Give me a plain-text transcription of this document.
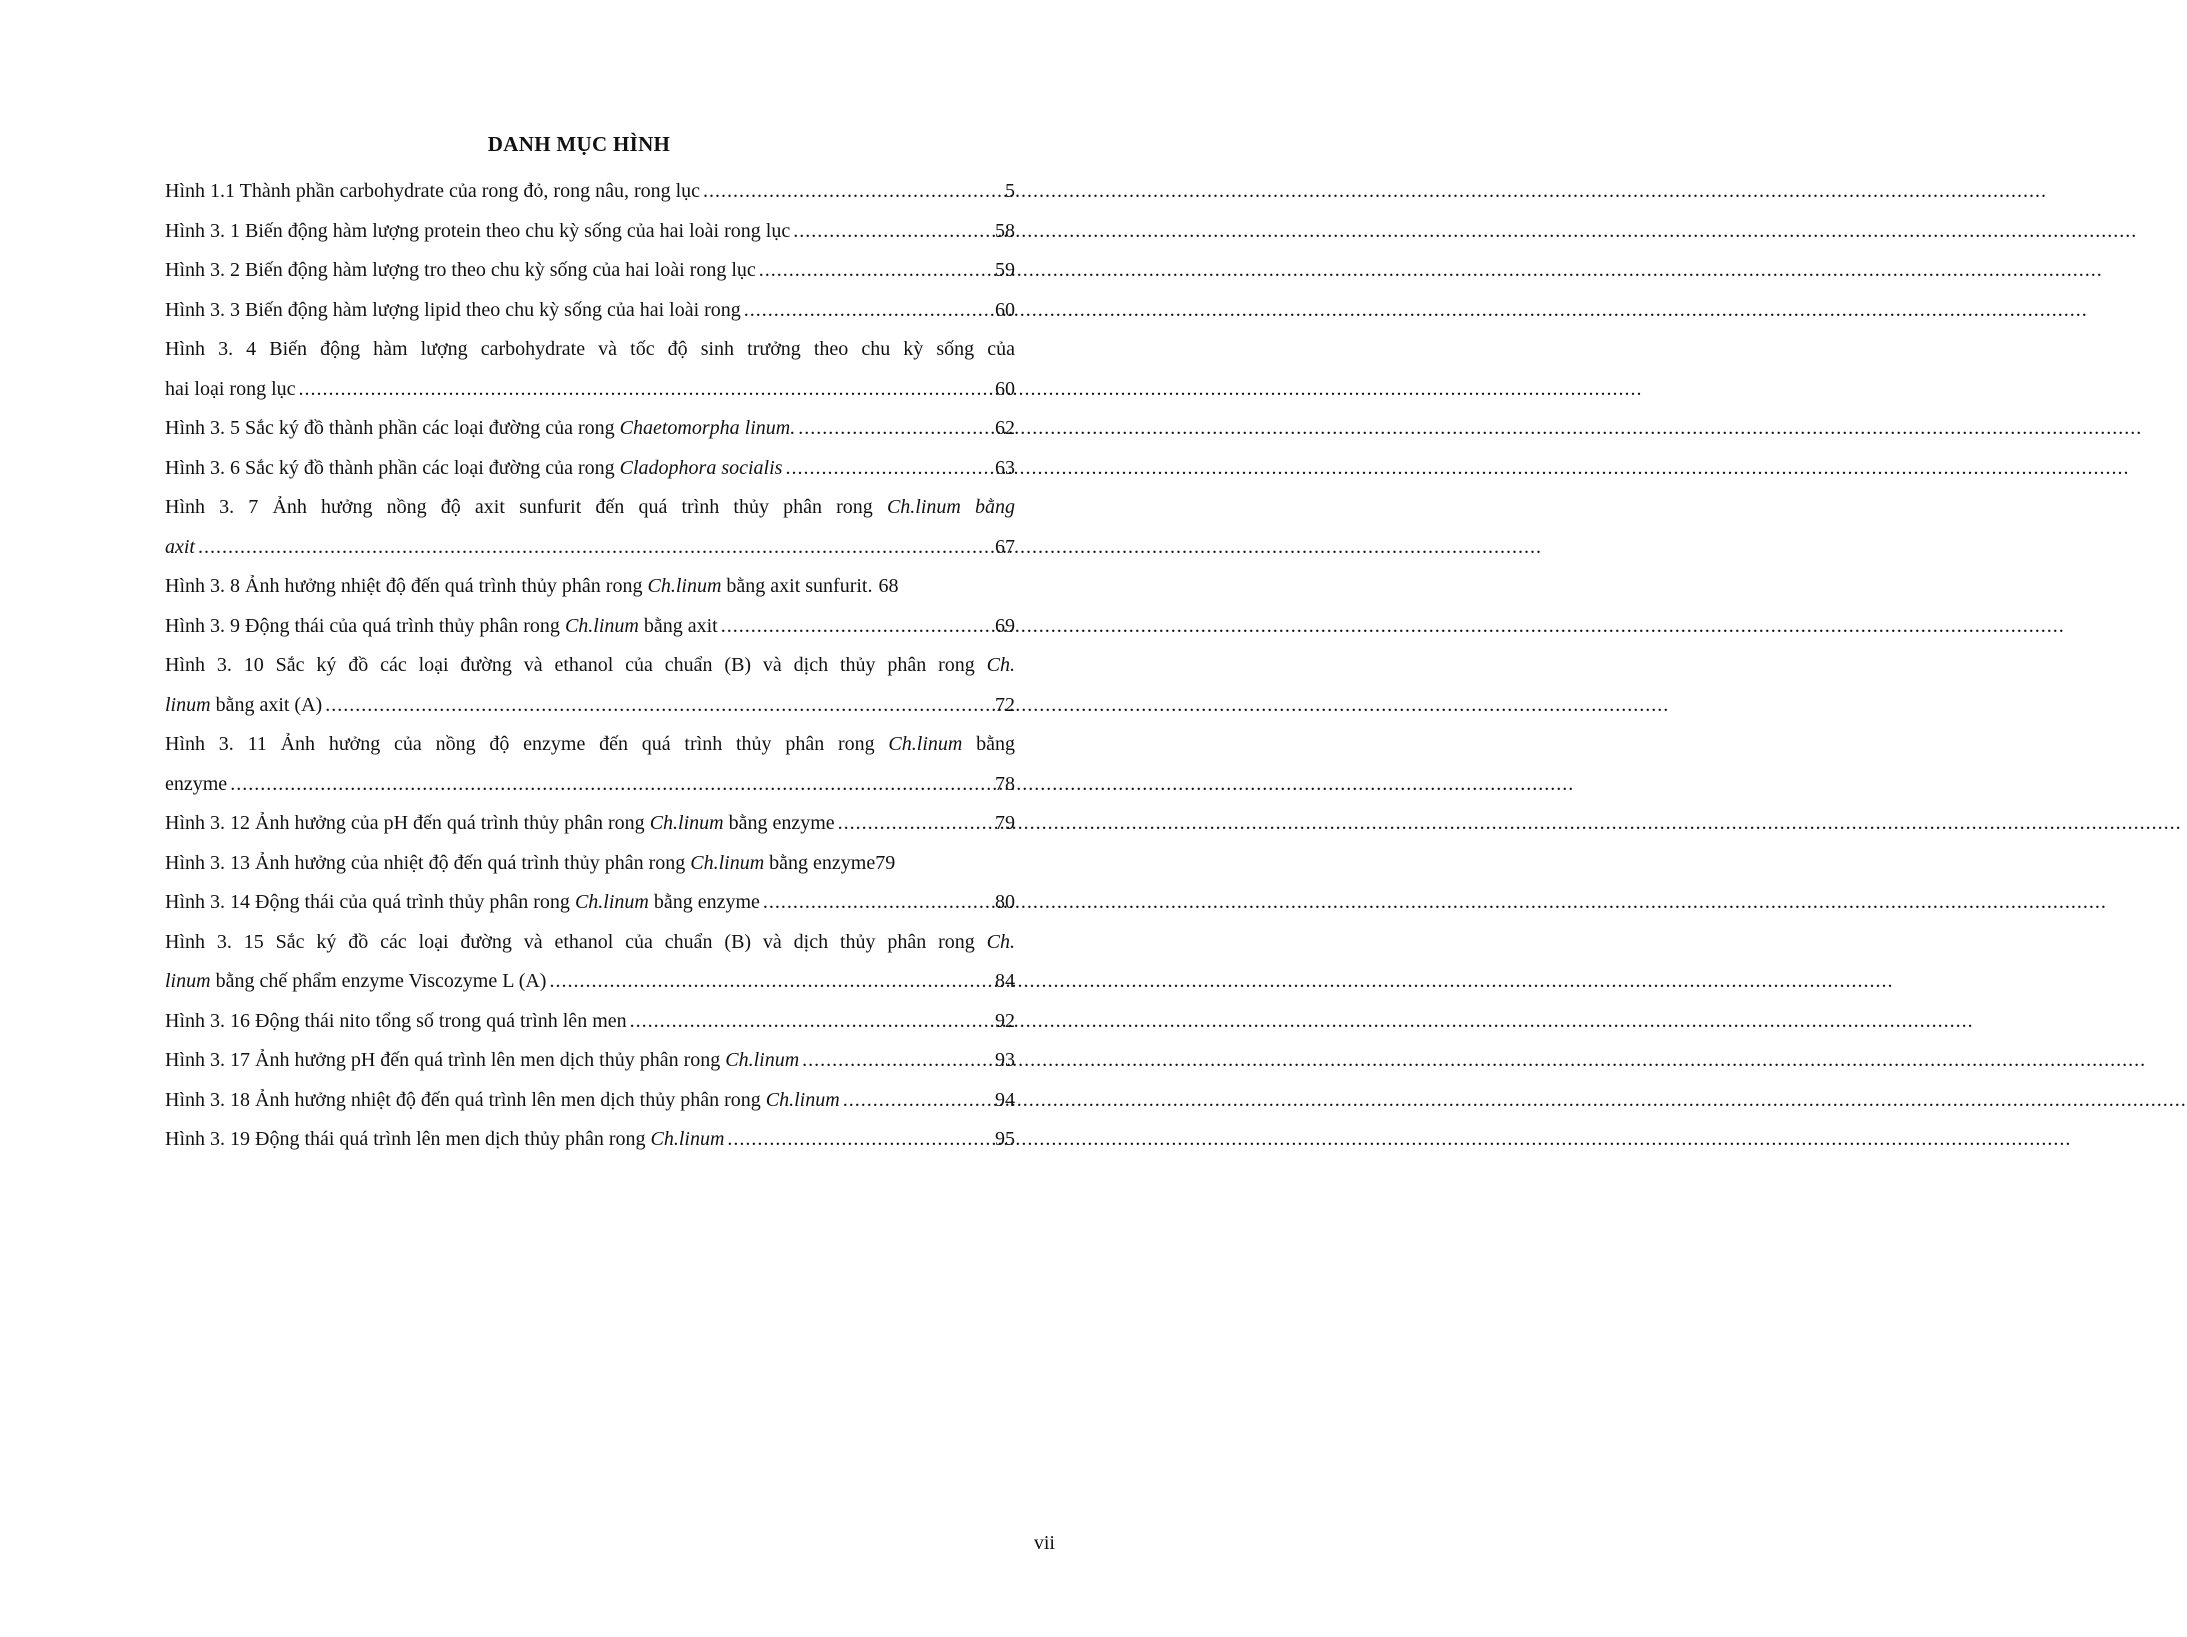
DANH MỤC HÌNH
Hình 1.1 Thành phần carbohydrate của rong đỏ, rong nâu, rong lục .....	5
Hình 3. 1 Biến động hàm lượng protein theo chu kỳ sống của hai loài rong lục .....	58
Hình 3. 2 Biến động hàm lượng tro theo chu kỳ sống của hai loài rong lục .....	59
Hình 3. 3 Biến động hàm lượng lipid theo chu kỳ sống của hai loài rong .....	60
Hình 3. 4 Biến động hàm lượng carbohydrate và tốc độ sinh trưởng theo chu kỳ sống của
hai loại rong lục .....	60
Hình 3. 5 Sắc ký đồ thành phần các loại đường của rong Chaetomorpha linum. .....	62
Hình 3. 6 Sắc ký đồ thành phần các loại đường của rong Cladophora socialis .....	63
Hình 3. 7 Ảnh hưởng nồng độ axit sunfurit đến quá trình thủy phân rong Ch.linum bằng
axit .....	67
Hình 3. 8 Ảnh hưởng nhiệt độ đến quá trình thủy phân rong Ch.linum bằng axit sunfurit. 68
Hình 3. 9 Động thái của quá trình thủy phân rong Ch.linum bằng axit .....	69
Hình 3. 10 Sắc ký đồ các loại đường và ethanol của chuẩn (B) và dịch thủy phân rong Ch.
linum bằng axit (A) .....	72
Hình 3. 11 Ảnh hưởng của nồng độ enzyme đến quá trình thủy phân rong Ch.linum bằng
enzyme .....	78
Hình 3. 12 Ảnh hưởng của pH đến quá trình thủy phân rong Ch.linum bằng enzyme .....	79
Hình 3. 13 Ảnh hưởng của nhiệt độ đến quá trình thủy phân rong Ch.linum bằng enzyme 79
Hình 3. 14 Động thái của quá trình thủy phân rong Ch.linum bằng enzyme .....	80
Hình 3. 15 Sắc ký đồ các loại đường và ethanol của chuẩn (B) và dịch thủy phân rong Ch.
linum bằng chế phẩm enzyme Viscozyme L (A) .....	84
Hình 3. 16 Động thái nito tổng số trong quá trình lên men .....	92
Hình 3. 17 Ảnh hưởng pH đến quá trình lên men dịch thủy phân rong Ch.linum .....	93
Hình 3. 18 Ảnh hưởng nhiệt độ đến quá trình lên men dịch thủy phân rong Ch.linum .....	94
Hình 3. 19 Động thái quá trình lên men dịch thủy phân rong Ch.linum .....	95
vii
